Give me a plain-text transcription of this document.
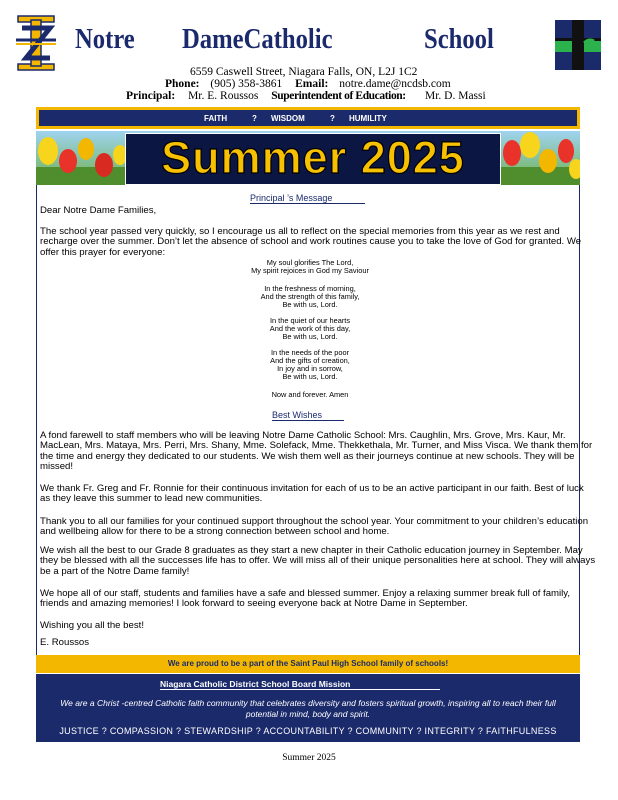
Notre DameCatholic	School
6559 Caswell Street, Niagara Falls, ON, L2J 1C2
Phone: (905) 358-3861 Email: notre.dame@ncdsb.com
Principal: Mr. E. Roussos Superintendent of Education: Mr. D. Massi
FAITH	? WISDOM	? HUMILITY
Summer 2025
Principal ’s Message
Dear Notre Dame Families,
The school year passed very quickly, so I encourage us all to reflect on the special memories from this year as we rest and recharge over the summer. Don’t let the absence of school and work routines cause you to take the love of God for granted. We offer this prayer for everyone:
My soul glorifies The Lord,
My spirit rejoices in God my Saviour
In the freshness of morning,
And the strength of this family,
Be with us, Lord.
In the quiet of our hearts
And the work of this day,
Be with us, Lord.
In the needs of the poor
And the gifts of creation,
In joy and in sorrow,
Be with us, Lord.
Now and forever. Amen
Best Wishes
A fond farewell to staff members who will be leaving Notre Dame Catholic School: Mrs. Caughlin, Mrs. Grove, Mrs. Kaur, Mr. MacLean, Mrs. Mataya, Mrs. Perri, Mrs. Shany, Mme. Solefack, Mme. Thekkethala, Mr. Turner, and Miss Visca. We thank them for the time and energy they dedicated to our students. We wish them well as their journeys continue at new schools. They will be missed!
We thank Fr. Greg and Fr. Ronnie for their continuous invitation for each of us to be an active participant in our faith. Best of luck as they leave this summer to lead new communities.
Thank you to all our families for your continued support throughout the school year. Your commitment to your children’s education and wellbeing allow for there to be a strong connection between school and home.
We wish all the best to our Grade 8 graduates as they start a new chapter in their Catholic education journey in September. May they be blessed with all the successes life has to offer. We will miss all of their unique personalities here at school. They will always be a part of the Notre Dame family!
We hope all of our staff, students and families have a safe and blessed summer. Enjoy a relaxing summer break full of family, friends and amazing memories! I look forward to seeing everyone back at Notre Dame in September.
Wishing you all the best!
E. Roussos
We are proud to be a part of the Saint Paul High School family of schools!
Niagara Catholic District School Board Mission
We are a Christ -centred Catholic faith community that celebrates diversity and fosters spiritual growth, inspiring all to reach their full potential in mind, body and spirit.
JUSTICE ? COMPASSION ? STEWARDSHIP ? ACCOUNTABILITY ? COMMUNITY ? INTEGRITY ? FAITHFULNESS
Summer 2025
